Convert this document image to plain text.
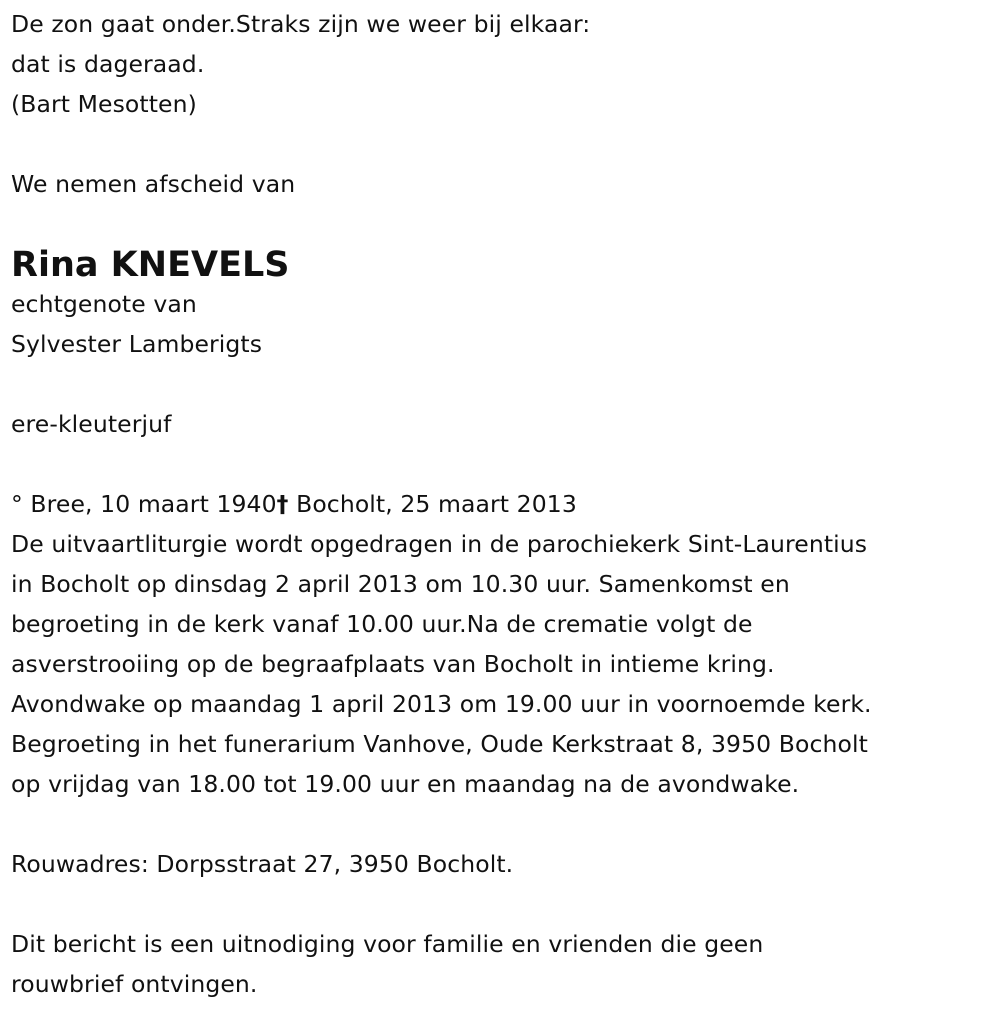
De zon gaat onder.Straks zijn we weer bij elkaar:
dat is dageraad.
(Bart Mesotten)
We nemen afscheid van
Rina KNEVELS
echtgenote van
Sylvester Lamberigts
ere-kleuterjuf
° Bree, 10 maart 1940† Bocholt, 25 maart 2013
De uitvaartliturgie wordt opgedragen in de parochiekerk Sint-Laurentius
in Bocholt op dinsdag 2 april 2013 om 10.30 uur. Samenkomst en
begroeting in de kerk vanaf 10.00 uur.Na de crematie volgt de
asverstrooiing op de begraafplaats van Bocholt in intieme kring.
Avondwake op maandag 1 april 2013 om 19.00 uur in voornoemde kerk.
Begroeting in het funerarium Vanhove, Oude Kerkstraat 8, 3950 Bocholt
op vrijdag van 18.00 tot 19.00 uur en maandag na de avondwake.
Rouwadres: Dorpsstraat 27, 3950 Bocholt.
Dit bericht is een uitnodiging voor familie en vrienden die geen
rouwbrief ontvingen.
